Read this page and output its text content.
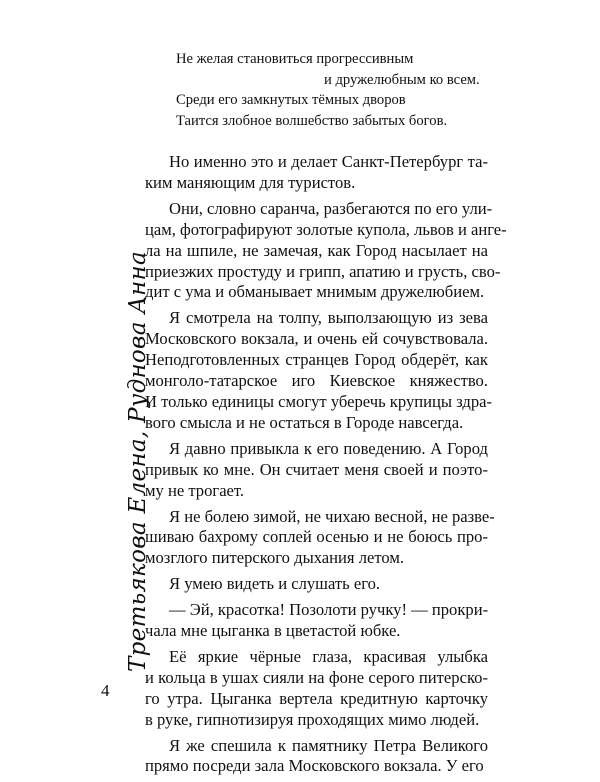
Не желая становиться прогрессивным
и дружелюбным ко всем.
Среди его замкнутых тёмных дворов
Таится злобное волшебство забытых богов.
Но именно это и делает Санкт-Петербург та-
ким маняющим для туристов.
Они, словно саранча, разбегаются по его ули-
цам, фотографируют золотые купола, львов и анге-
ла на шпиле, не замечая, как Город насылает на
приезжих простуду и грипп, апатию и грусть, сво-
дит с ума и обманывает мнимым дружелюбием.
Я смотрела на толпу, выползающую из зева
Московского вокзала, и очень ей сочувствовала.
Неподготовленных странцев Город обдерёт, как
монголо-татарское иго Киевское княжество.
И только единицы смогут уберечь крупицы здра-
вого смысла и не остаться в Городе навсегда.
Я давно привыкла к его поведению. А Город
привык ко мне. Он считает меня своей и поэто-
му не трогает.
Я не болею зимой, не чихаю весной, не разве-
шиваю бахрому соплей осенью и не боюсь про-
мозглого питерского дыхания летом.
Я умею видеть и слушать его.
— Эй, красотка! Позолоти ручку! — прокри-
чала мне цыганка в цветастой юбке.
Её яркие чёрные глаза, красивая улыбка
и кольца в ушах сияли на фоне серого питерско-
го утра. Цыганка вертела кредитную карточку
в руке, гипнотизируя проходящих мимо людей.
Я же спешила к памятнику Петра Великого
прямо посреди зала Московского вокзала. У его
Третьякова Елена, Руднова Анна
4
